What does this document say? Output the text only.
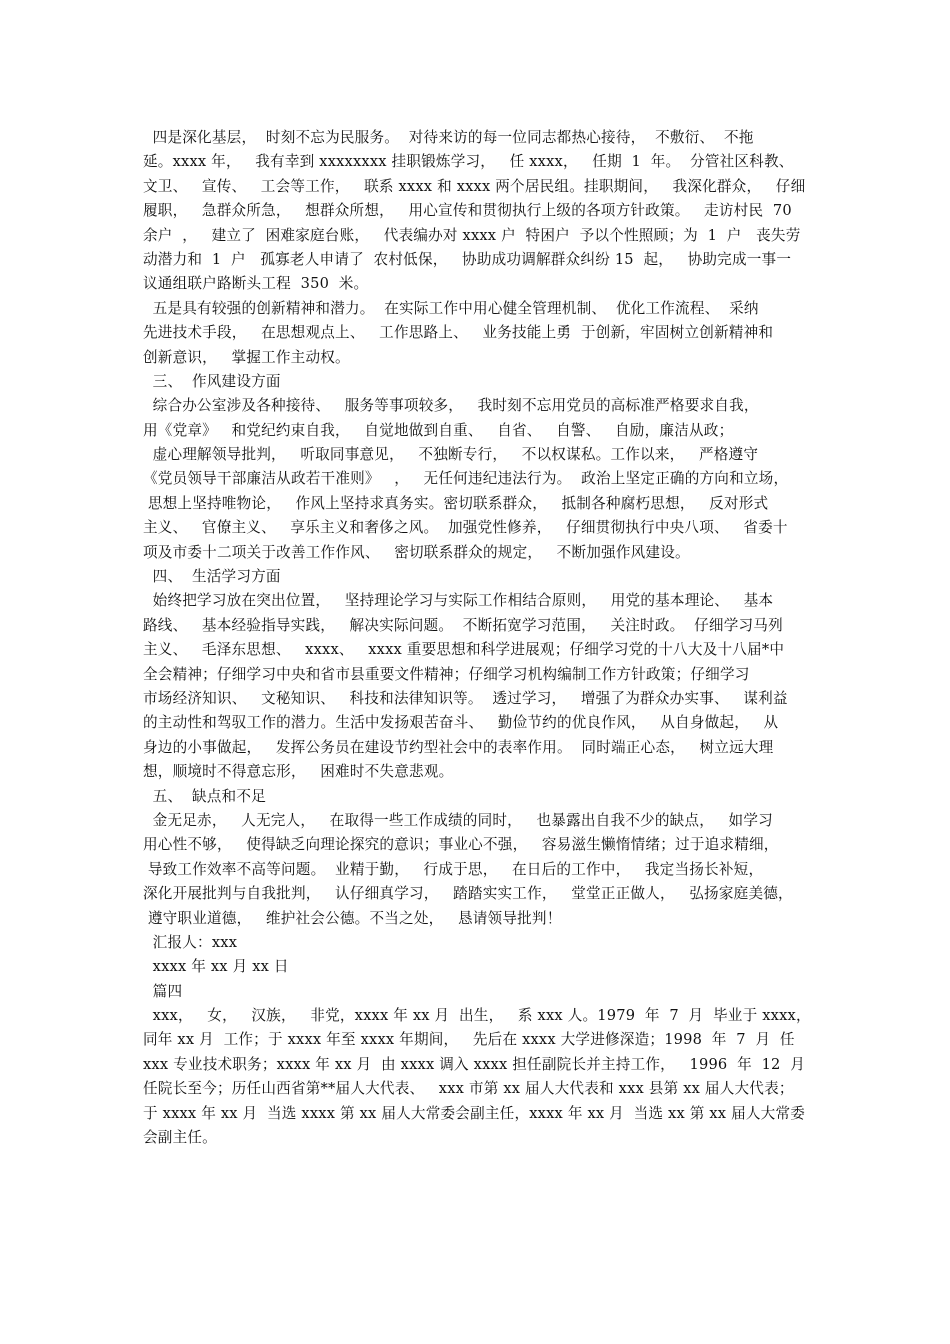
四是深化基层，  时刻不忘为民服务。  对待来访的每一位同志都热心接待，  不敷衍、  不拖
延。xxxx 年，   我有幸到 xxxxxxxx 挂职锻炼学习，   任 xxxx，   任期  1  年。  分管社区科教、
文卫、   宣传、   工会等工作，   联系 xxxx 和 xxxx 两个居民组。挂职期间，   我深化群众，   仔细
履职，   急群众所急，   想群众所想，   用心宣传和贯彻执行上级的各项方针政策。   走访村民  70
余户  ，   建立了  困难家庭台账，   代表编办对 xxxx 户  特困户  予以个性照顾；为  1  户   丧失劳
动潜力和  1  户   孤寡老人申请了  农村低保，   协助成功调解群众纠纷 15  起，   协助完成一事一
议通组联户路断头工程  350  米。
五是具有较强的创新精神和潜力。  在实际工作中用心健全管理机制、  优化工作流程、  采纳
先进技术手段，   在思想观点上、   工作思路上、   业务技能上勇  于创新，牢固树立创新精神和
创新意识，   掌握工作主动权。
三、  作风建设方面
综合办公室涉及各种接待、   服务等事项较多，   我时刻不忘用党员的高标准严格要求自我，
用《党章》   和党纪约束自我，   自觉地做到自重、   自省、   自警、   自励，廉洁从政；
虚心理解领导批判，   听取同事意见，   不独断专行，   不以权谋私。工作以来，   严格遵守
《党员领导干部廉洁从政若干准则》   ，   无任何违纪违法行为。  政治上坚定正确的方向和立场，
思想上坚持唯物论，   作风上坚持求真务实。密切联系群众，   抵制各种腐朽思想，   反对形式
主义、   官僚主义、   享乐主义和奢侈之风。  加强党性修养，   仔细贯彻执行中央八项、   省委十
项及市委十二项关于改善工作作风、   密切联系群众的规定，   不断加强作风建设。
四、  生活学习方面
始终把学习放在突出位置，   坚持理论学习与实际工作相结合原则，   用党的基本理论、   基本
路线、   基本经验指导实践，   解决实际问题。  不断拓宽学习范围，   关注时政。  仔细学习马列
主义、   毛泽东思想、   xxxx、   xxxx 重要思想和科学进展观；仔细学习党的十八大及十八届*中
全会精神；仔细学习中央和省市县重要文件精神；仔细学习机构编制工作方针政策；仔细学习
市场经济知识、   文秘知识、   科技和法律知识等。  透过学习，   增强了为群众办实事、   谋利益
的主动性和驾驭工作的潜力。生活中发扬艰苦奋斗、   勤俭节约的优良作风，   从自身做起，   从
身边的小事做起，   发挥公务员在建设节约型社会中的表率作用。  同时端正心态，   树立远大理
想，顺境时不得意忘形，   困难时不失意悲观。
五、  缺点和不足
金无足赤，   人无完人，   在取得一些工作成绩的同时，   也暴露出自我不少的缺点，   如学习
用心性不够，   使得缺乏向理论探究的意识；事业心不强，   容易滋生懒惰情绪；过于追求精细，
导致工作效率不高等问题。  业精于勤，   行成于思，   在日后的工作中，   我定当扬长补短，
深化开展批判与自我批判，   认仔细真学习，   踏踏实实工作，   堂堂正正做人，   弘扬家庭美德，
遵守职业道德，   维护社会公德。不当之处，   恳请领导批判！
汇报人：xxx
xxxx 年 xx 月 xx 日
篇四
xxx，   女，   汉族，   非党，xxxx 年 xx 月  出生，   系 xxx 人。1979  年  7  月  毕业于 xxxx，
同年 xx 月  工作；于 xxxx 年至 xxxx 年期间，   先后在 xxxx 大学进修深造；1998  年  7  月  任
xxx 专业技术职务；xxxx 年 xx 月  由 xxxx 调入 xxxx 担任副院长并主持工作，   1996  年  12  月
任院长至今；历任山西省第**届人大代表、   xxx 市第 xx 届人大代表和 xxx 县第 xx 届人大代表；
于 xxxx 年 xx 月  当选 xxxx 第 xx 届人大常委会副主任，xxxx 年 xx 月  当选 xx 第 xx 届人大常委
会副主任。
